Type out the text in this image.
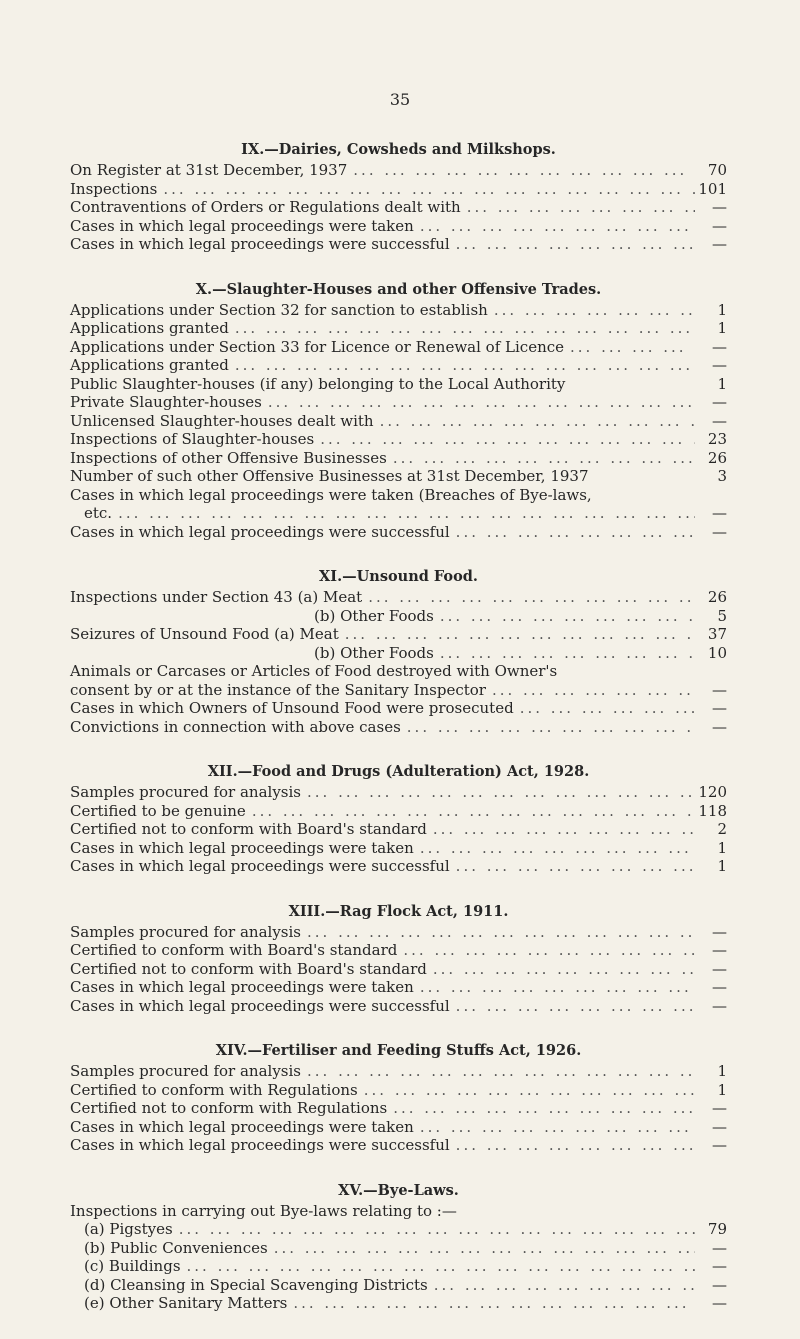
35
IX.—Dairies, Cowsheds and Milkshops.
On Register at 31st December, 1937 ... .	70
Inspections ... .	101
Contraventions of Orders or Regulations dealt with ... .	—
Cases in which legal proceedings were taken ... .	—
Cases in which legal proceedings were successful ... .	—
X.—Slaughter-Houses and other Offensive Trades.
Applications under Section 32 for sanction to establish ... .	1
Applications granted ... .	1
Applications under Section 33 for Licence or Renewal of Licence ... .	—
Applications granted ... .	—
Public Slaughter-houses (if any) belonging to the Local Authority	1
Private Slaughter-houses ... .	—
Unlicensed Slaughter-houses dealt with ... .	—
Inspections of Slaughter-houses ... .	23
Inspections of other Offensive Businesses ... .	26
Number of such other Offensive Businesses at 31st December, 1937	3
Cases in which legal proceedings were taken (Breaches of Bye-laws,
etc. ... .	—
Cases in which legal proceedings were successful ... .	—
XI.—Unsound Food.
Inspections under Section 43 (a) Meat ... .	26
(b) Other Foods ... .	5
Seizures of Unsound Food (a) Meat ... .	37
(b) Other Foods ... .	10
Animals or Carcases or Articles of Food destroyed with Owner's
consent by or at the instance of the Sanitary Inspector ... .	—
Cases in which Owners of Unsound Food were prosecuted ... .	—
Convictions in connection with above cases ... .	—
XII.—Food and Drugs (Adulteration) Act, 1928.
Samples procured for analysis ... .	120
Certified to be genuine ... .	118
Certified not to conform with Board's standard ... .	2
Cases in which legal proceedings were taken ... .	1
Cases in which legal proceedings were successful ... .	1
XIII.—Rag Flock Act, 1911.
Samples procured for analysis ... .	—
Certified to conform with Board's standard ... .	—
Certified not to conform with Board's standard ... .	—
Cases in which legal proceedings were taken ... .	—
Cases in which legal proceedings were successful ... .	—
XIV.—Fertiliser and Feeding Stuffs Act, 1926.
Samples procured for analysis ... .	1
Certified to conform with Regulations ... .	1
Certified not to conform with Regulations ... .	—
Cases in which legal proceedings were taken ... .	—
Cases in which legal proceedings were successful ... .	—
XV.—Bye-Laws.
Inspections in carrying out Bye-laws relating to :—
(a) Pigstyes ... .	79
(b) Public Conveniences ... .	—
(c) Buildings ... .	—
(d) Cleansing in Special Scavenging Districts ... .	—
(e) Other Sanitary Matters ... .	—
